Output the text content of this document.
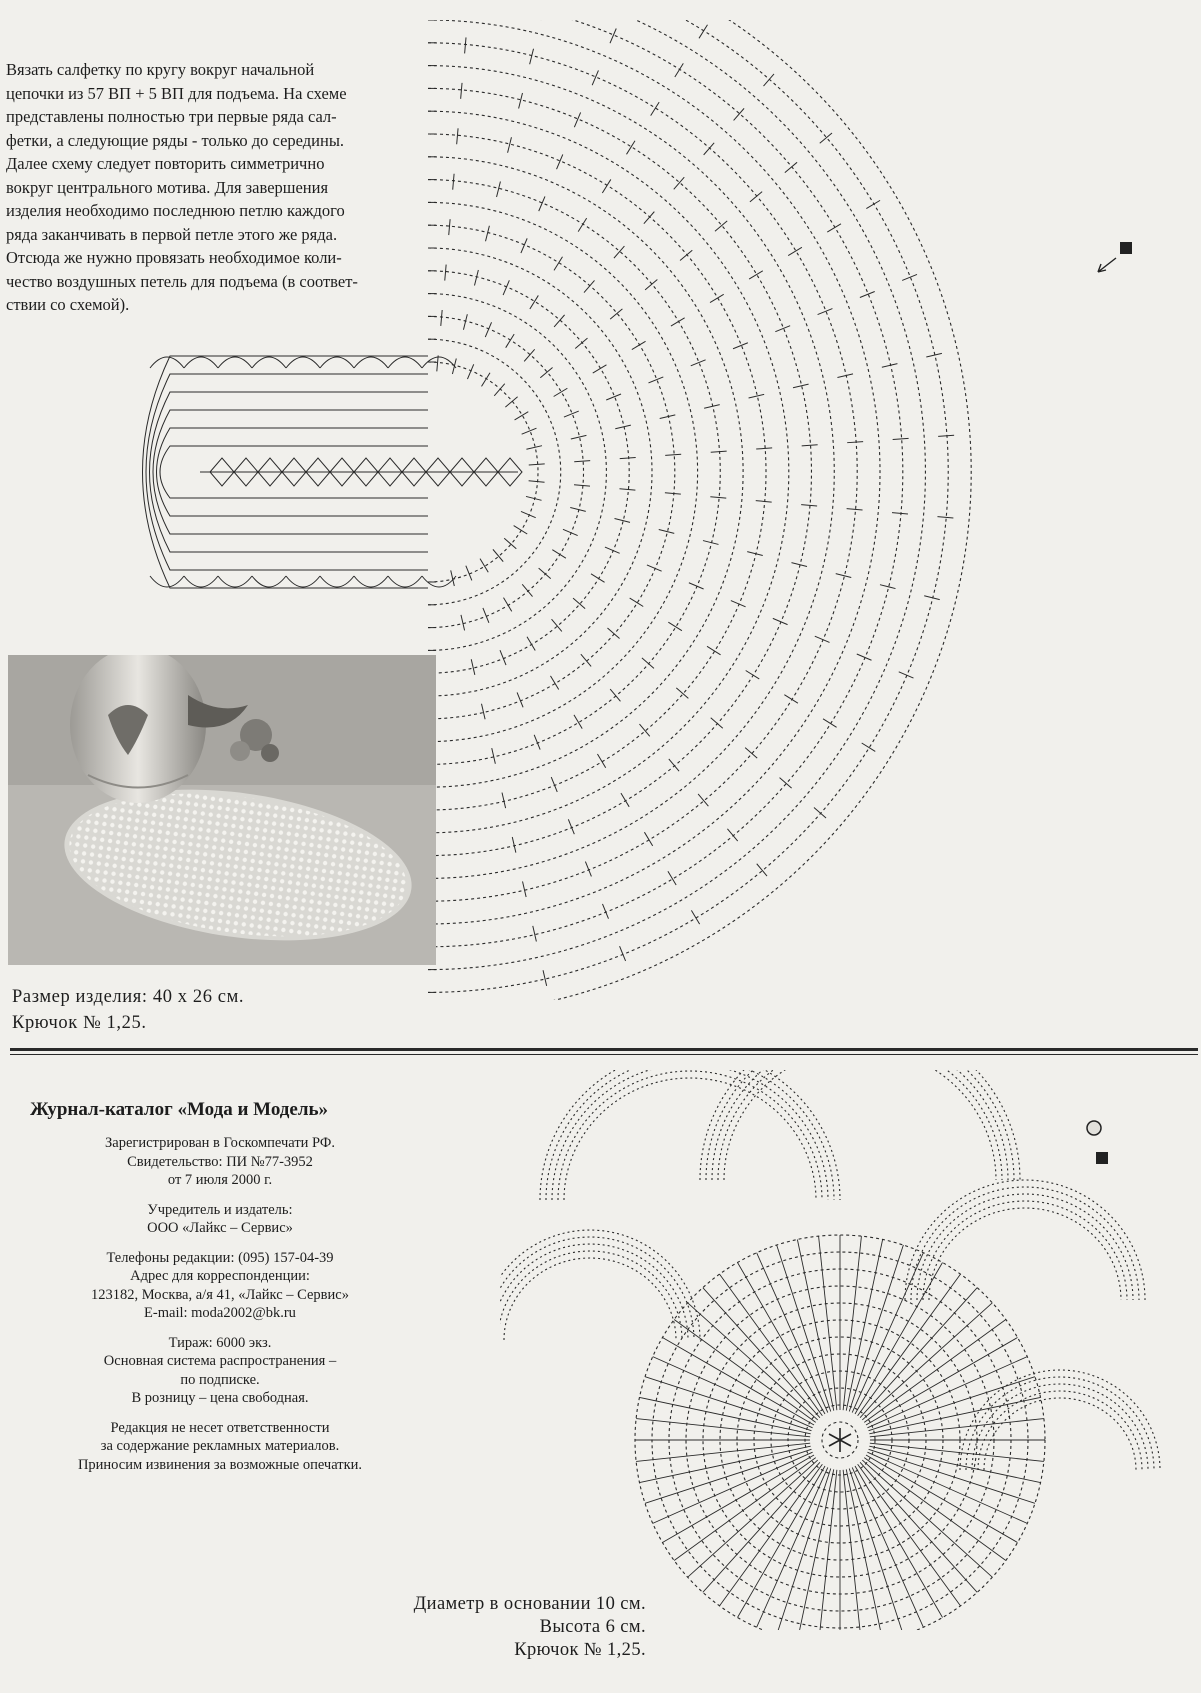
Вязать салфетку по кругу вокруг начальной
цепочки из 57 ВП + 5 ВП для подъема. На схеме
представлены полностью три первые ряда сал-
фетки, а следующие ряды - только до середины.
Далее схему следует повторить симметрично
вокруг центрального мотива. Для завершения
изделия необходимо последнюю петлю каждого
ряда заканчивать в первой петле этого же ряда.
Отсюда же нужно провязать необходимое коли-
чество воздушных петель для подъема (в соответ-
ствии со схемой).

Размер изделия: 40 х 26 см.
Крючок № 1,25.
Журнал-каталог «Мода и Модель»
Зарегистрирован в Госкомпечати РФ.
Свидетельство: ПИ №77-3952
от 7 июля 2000 г.
Учредитель и издатель:
ООО «Лайкс – Сервис»
Телефоны редакции: (095) 157-04-39
Адрес для корреспонденции:
123182, Москва, а/я 41, «Лайкс – Сервис»
E-mail: moda2002@bk.ru
Тираж: 6000 экз.
Основная система распространения –
по подписке.
В розницу – цена свободная.
Редакция не несет ответственности
за содержание рекламных материалов.
Приносим извинения за возможные опечатки.
Диаметр в основании 10 см.
Высота 6 см.
Крючок № 1,25.
